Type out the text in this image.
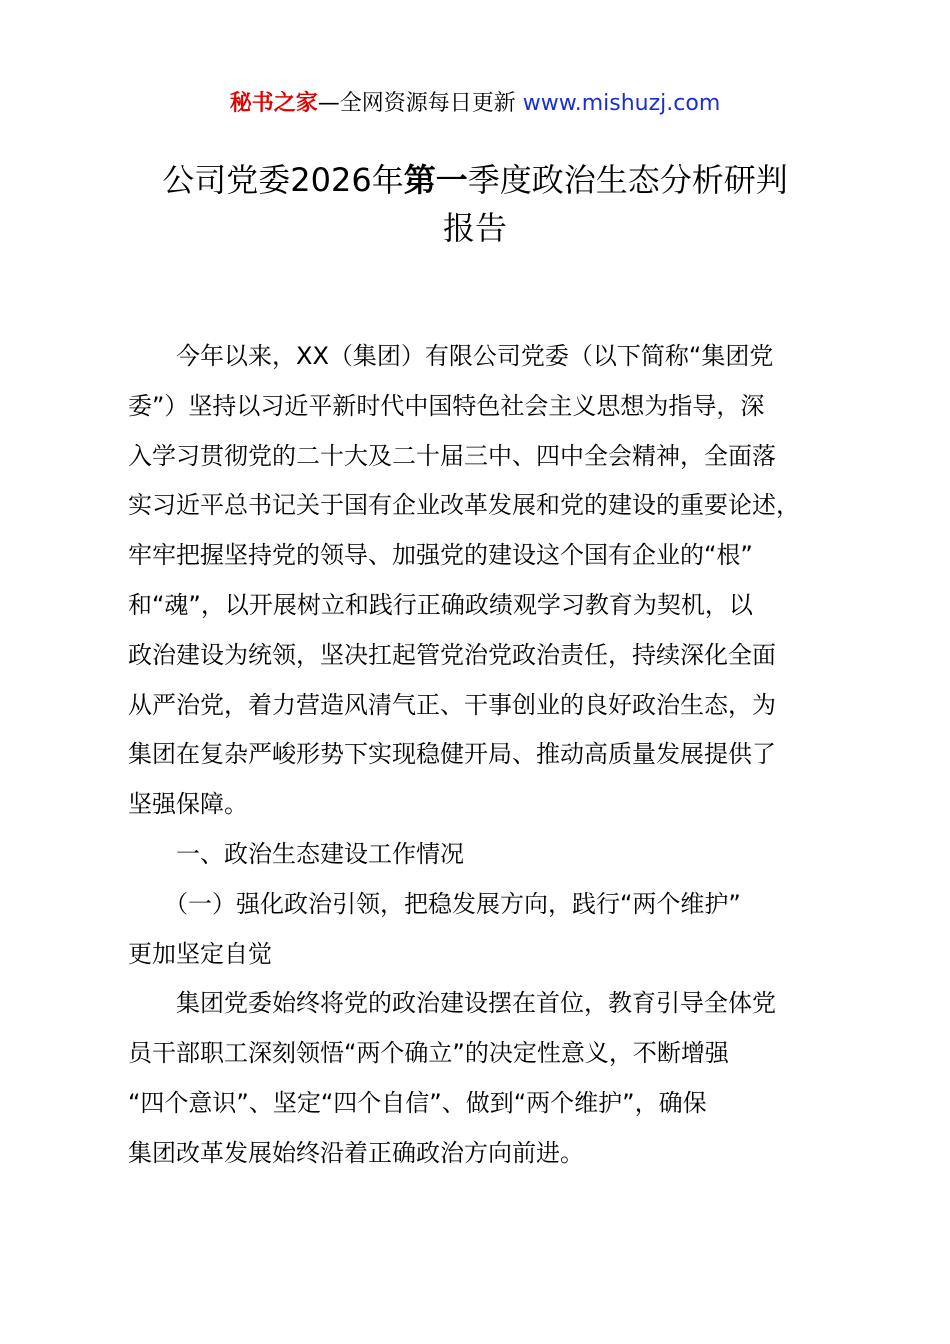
秘书之家—全网资源每日更新 www.mishuzj.com
公司党委2026年第一季度政治生态分析研判
报告
　　今年以来，XX（集团）有限公司党委（以下简称“集团党
委”）坚持以习近平新时代中国特色社会主义思想为指导，深
入学习贯彻党的二十大及二十届三中、四中全会精神，全面落
实习近平总书记关于国有企业改革发展和党的建设的重要论述，
牢牢把握坚持党的领导、加强党的建设这个国有企业的“根”
和“魂”，以开展树立和践行正确政绩观学习教育为契机，以
政治建设为统领，坚决扛起管党治党政治责任，持续深化全面
从严治党，着力营造风清气正、干事创业的良好政治生态，为
集团在复杂严峻形势下实现稳健开局、推动高质量发展提供了
坚强保障。
　　一、政治生态建设工作情况
　　（一）强化政治引领，把稳发展方向，践行“两个维护”
更加坚定自觉
　　集团党委始终将党的政治建设摆在首位，教育引导全体党
员干部职工深刻领悟“两个确立”的决定性意义，不断增强
“四个意识”、坚定“四个自信”、做到“两个维护”，确保
集团改革发展始终沿着正确政治方向前进。
